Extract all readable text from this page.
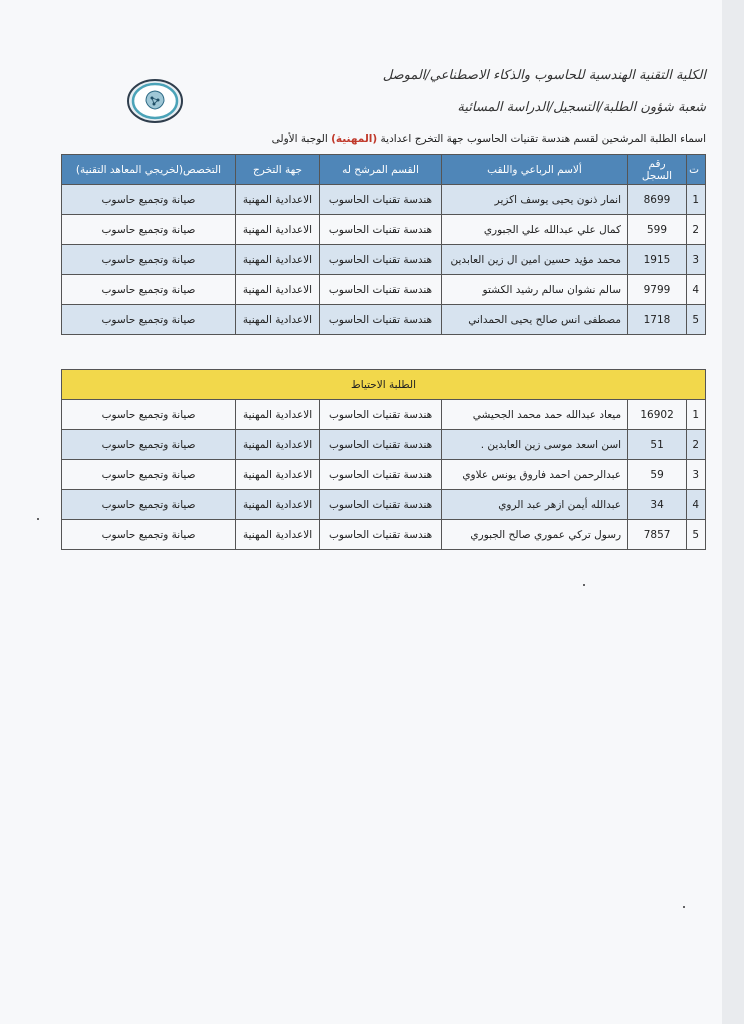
الكلية التقنية الهندسية للحاسوب والذكاء الاصطناعي/الموصل
شعبة شؤون الطلبة/التسجيل/الدراسة المسائية
اسماء الطلبة المرشحين لقسم هندسة تقنيات الحاسوب جهة التخرج اعدادية (المهنية) الوجبة الأولى
ت	رقم السجل	ألاسم الرباعي واللقب	القسم المرشح له	جهة التخرج	التخصص(لخريجي المعاهد التقنية)
1	8699	انمار ذنون يحيى يوسف اكزير	هندسة تقنيات الحاسوب	الاعدادية المهنية	صيانة وتجميع حاسوب
2	599	كمال علي عبدالله علي الجبوري	هندسة تقنيات الحاسوب	الاعدادية المهنية	صيانة وتجميع حاسوب
3	1915	محمد مؤيد حسين امين ال زين العابدين	هندسة تقنيات الحاسوب	الاعدادية المهنية	صيانة وتجميع حاسوب
4	9799	سالم نشوان سالم رشيد الكشتو	هندسة تقنيات الحاسوب	الاعدادية المهنية	صيانة وتجميع حاسوب
5	1718	مصطفى انس صالح يحيى الحمداني	هندسة تقنيات الحاسوب	الاعدادية المهنية	صيانة وتجميع حاسوب
الطلبة الاحتياط					
1	16902	ميعاد عبدالله حمد محمد الجحيشي	هندسة تقنيات الحاسوب	الاعدادية المهنية	صيانة وتجميع حاسوب
2	51	اسن اسعد موسى زين العابدين .	هندسة تقنيات الحاسوب	الاعدادية المهنية	صيانة وتجميع حاسوب
3	59	عبدالرحمن احمد فاروق يونس علاوي	هندسة تقنيات الحاسوب	الاعدادية المهنية	صيانة وتجميع حاسوب
4	34	عبدالله أيمن ازهر عبد الروي	هندسة تقنيات الحاسوب	الاعدادية المهنية	صيانة وتجميع حاسوب
5	7857	رسول تركي عموري صالح الجبوري	هندسة تقنيات الحاسوب	الاعدادية المهنية	صيانة وتجميع حاسوب
